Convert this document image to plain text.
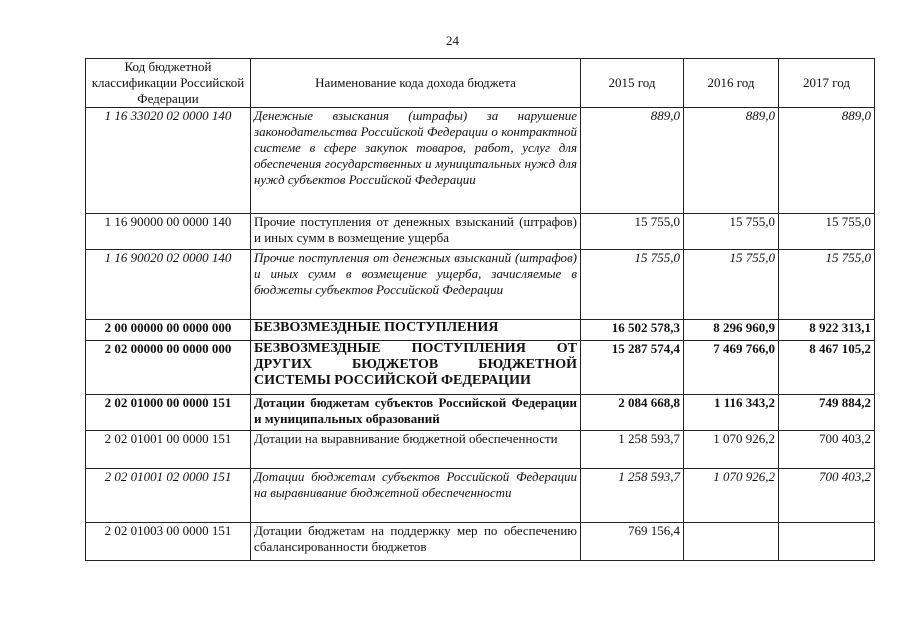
24
Код бюджетной классификации Российской Федерации	Наименование кода дохода бюджета	2015 год	2016 год	2017 год
1 16 33020 02 0000 140	Денежные взыскания (штрафы) за нарушение законодательства Российской Федерации о контрактной системе в сфере закупок товаров, работ, услуг для обеспечения государственных и муниципальных нужд для нужд субъектов Российской Федерации	889,0	889,0	889,0
1 16 90000 00 0000 140	Прочие поступления от денежных взысканий (штрафов) и иных сумм в возмещение ущерба	15 755,0	15 755,0	15 755,0
1 16 90020 02 0000 140	Прочие поступления от денежных взысканий (штрафов) и иных сумм в возмещение ущерба, зачисляемые в бюджеты субъектов Российской Федерации	15 755,0	15 755,0	15 755,0
2 00 00000 00 0000 000	БЕЗВОЗМЕЗДНЫЕ ПОСТУПЛЕНИЯ	16 502 578,3	8 296 960,9	8 922 313,1
2 02 00000 00 0000 000	БЕЗВОЗМЕЗДНЫЕ ПОСТУПЛЕНИЯ ОТ ДРУГИХ БЮДЖЕТОВ БЮДЖЕТНОЙ СИСТЕМЫ РОССИЙСКОЙ ФЕДЕРАЦИИ	15 287 574,4	7 469 766,0	8 467 105,2
2 02 01000 00 0000 151	Дотации бюджетам субъектов Российской Федерации и муниципальных образований	2 084 668,8	1 116 343,2	749 884,2
2 02 01001 00 0000 151	Дотации на выравнивание бюджетной обеспеченности	1 258 593,7	1 070 926,2	700 403,2
2 02 01001 02 0000 151	Дотации бюджетам субъектов Российской Федерации на выравнивание бюджетной обеспеченности	1 258 593,7	1 070 926,2	700 403,2
2 02 01003 00 0000 151	Дотации бюджетам на поддержку мер по обеспечению сбалансированности бюджетов	769 156,4		
